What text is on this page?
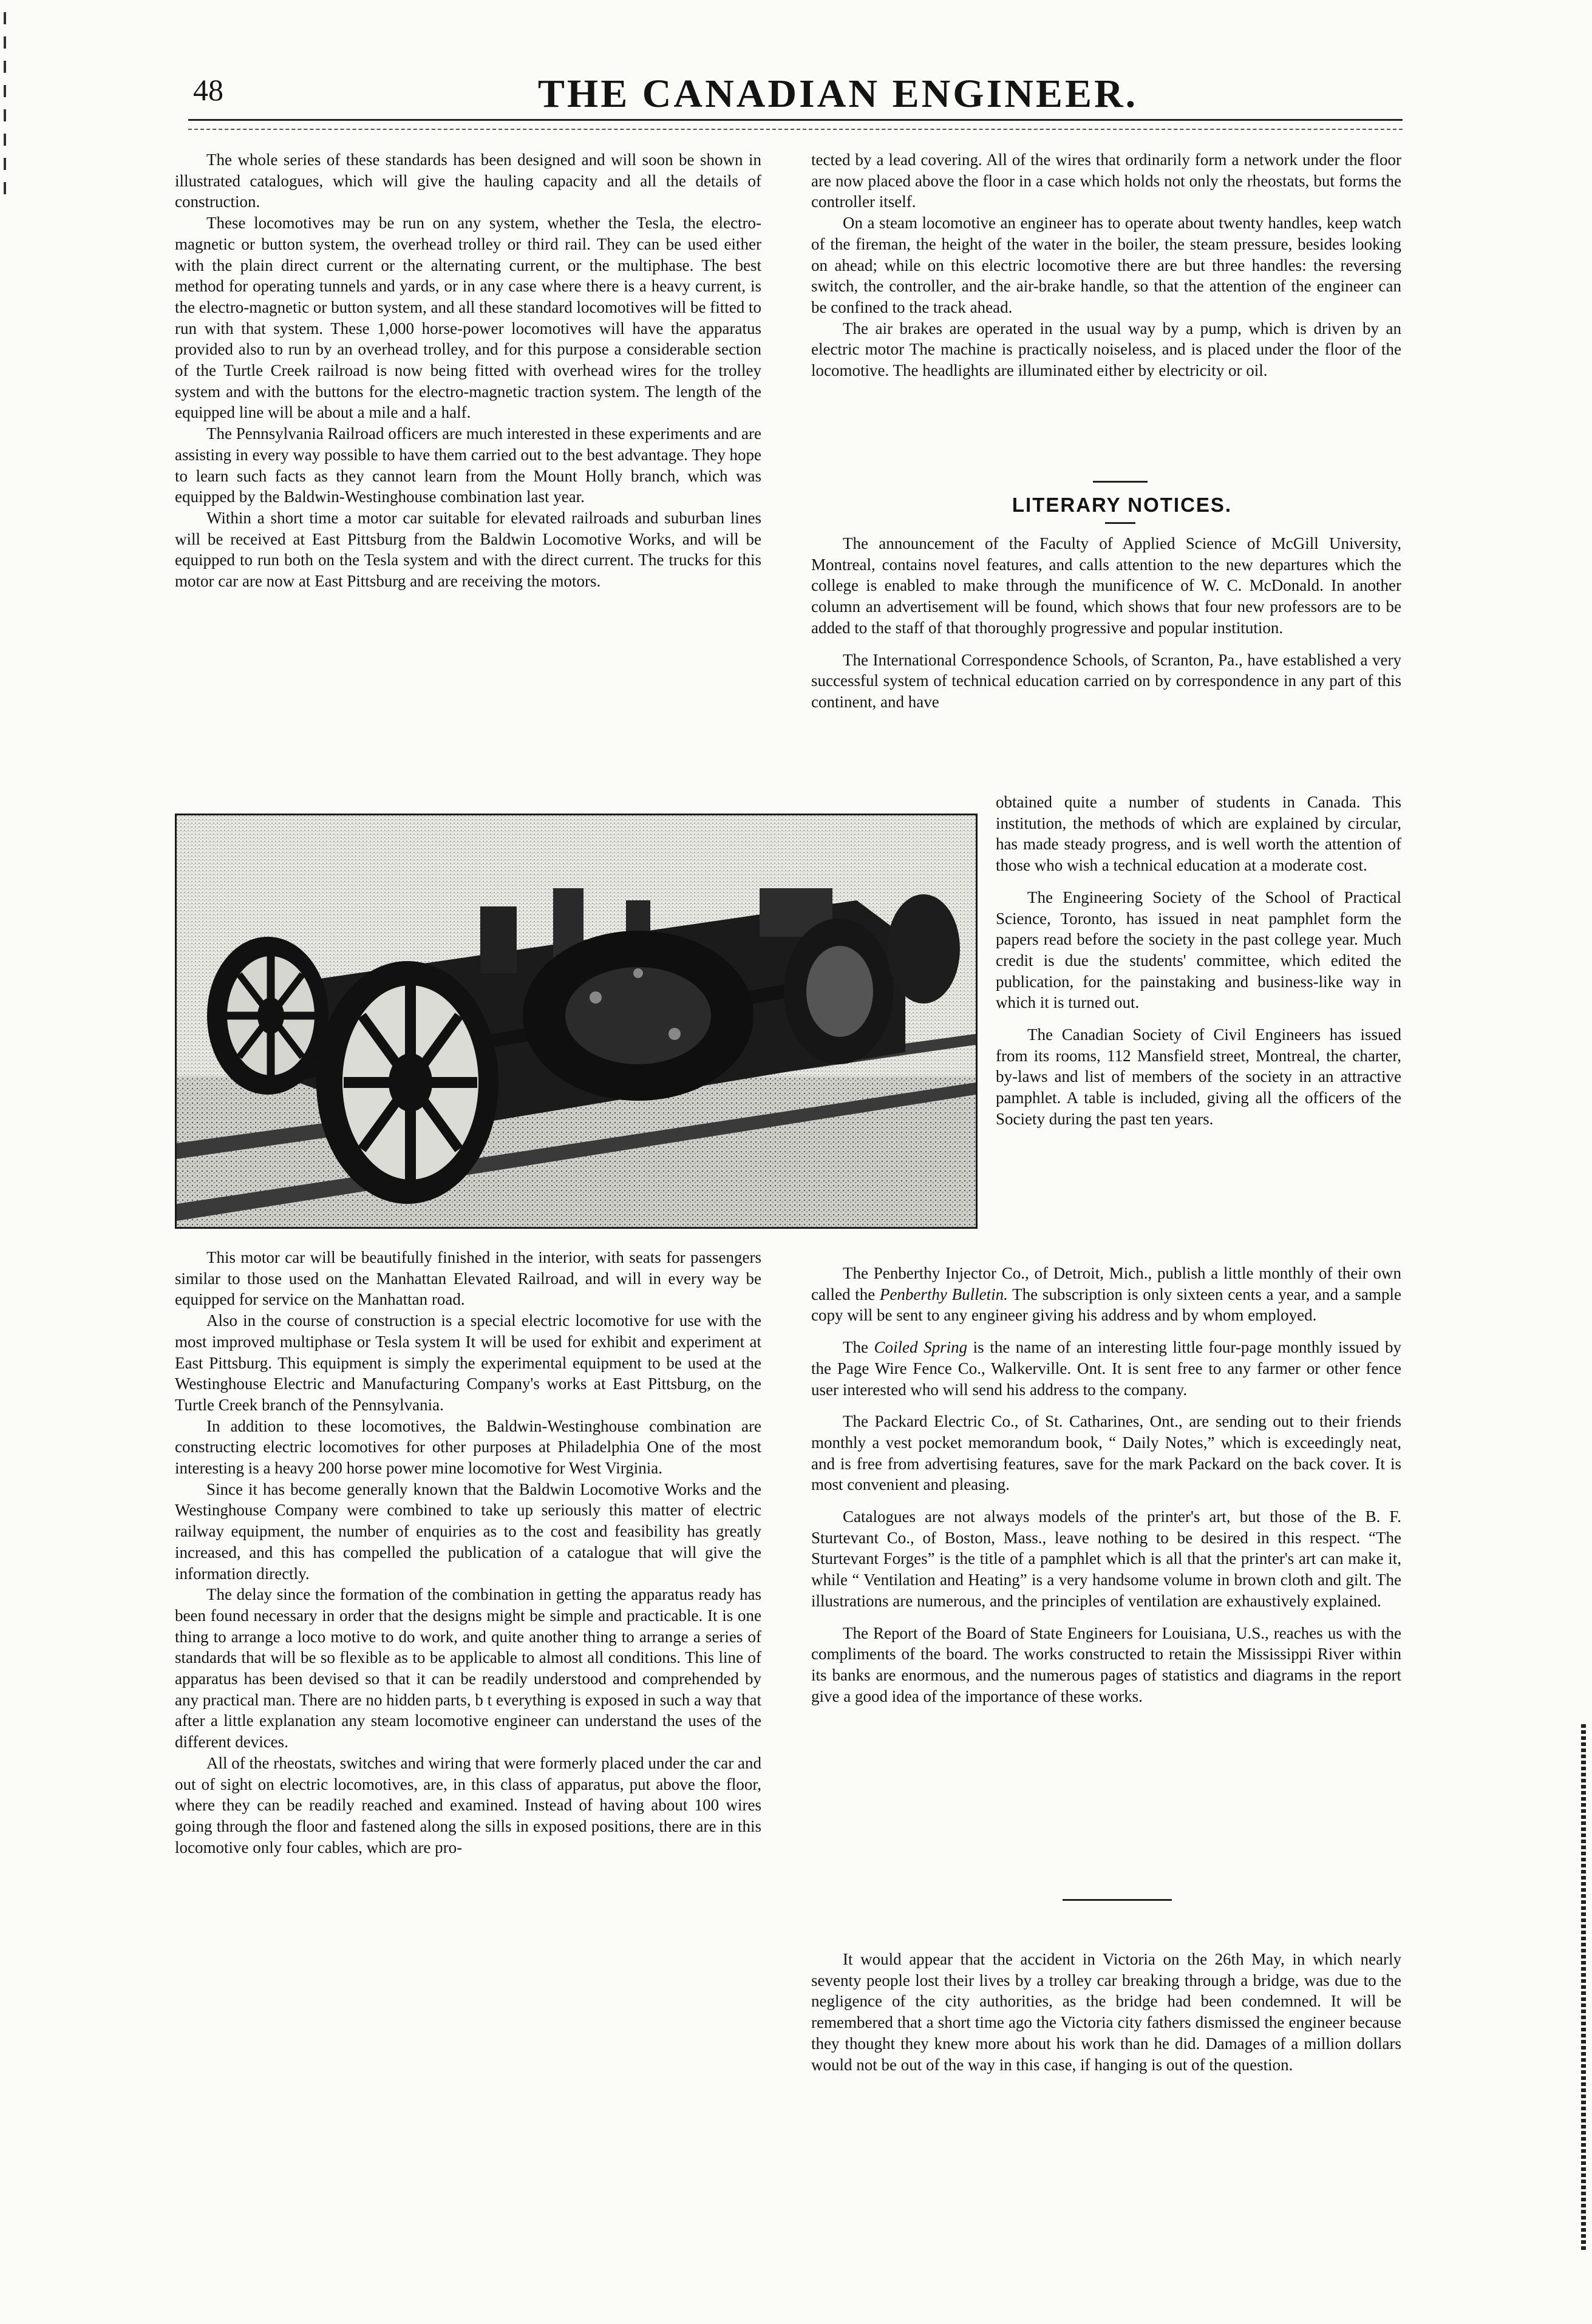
48	THE CANADIAN ENGINEER.

The whole series of these standards has been designed and will soon be shown in illustrated catalogues, which will give the hauling capacity and all the details of construction.

These locomotives may be run on any system, whether the Tesla, the electro-magnetic or button system, the overhead trolley or third rail. They can be used either with the plain direct current or the alternating current, or the multiphase. The best method for operating tunnels and yards, or in any case where there is a heavy current, is the electro-magnetic or button system, and all these standard locomotives will be fitted to run with that system. These 1,000 horse-power locomotives will have the apparatus provided also to run by an overhead trolley, and for this purpose a considerable section of the Turtle Creek railroad is now being fitted with overhead wires for the trolley system and with the buttons for the electro-magnetic traction system. The length of the equipped line will be about a mile and a half.

The Pennsylvania Railroad officers are much interested in these experiments and are assisting in every way possible to have them carried out to the best advantage. They hope to learn such facts as they cannot learn from the Mount Holly branch, which was equipped by the Baldwin-Westinghouse combination last year.

Within a short time a motor car suitable for elevated railroads and suburban lines will be received at East Pittsburg from the Baldwin Locomotive Works, and will be equipped to run both on the Tesla system and with the direct current. The trucks for this motor car are now at East Pittsburg and are receiving the motors.

This motor car will be beautifully finished in the interior, with seats for passengers similar to those used on the Manhattan Elevated Railroad, and will in every way be equipped for service on the Manhattan road.

Also in the course of construction is a special electric locomotive for use with the most improved multiphase or Tesla system It will be used for exhibit and experiment at East Pittsburg. This equipment is simply the experimental equipment to be used at the Westinghouse Electric and Manufacturing Company's works at East Pittsburg, on the Turtle Creek branch of the Pennsylvania.

In addition to these locomotives, the Baldwin-Westinghouse combination are constructing electric locomotives for other purposes at Philadelphia One of the most interesting is a heavy 200 horse power mine locomotive for West Virginia.

Since it has become generally known that the Baldwin Locomotive Works and the Westinghouse Company were combined to take up seriously this matter of electric railway equipment, the number of enquiries as to the cost and feasibility has greatly increased, and this has compelled the publication of a catalogue that will give the information directly.

The delay since the formation of the combination in getting the apparatus ready has been found necessary in order that the designs might be simple and practicable. It is one thing to arrange a loco motive to do work, and quite another thing to arrange a series of standards that will be so flexible as to be applicable to almost all conditions. This line of apparatus has been devised so that it can be readily understood and comprehended by any practical man. There are no hidden parts, b t everything is exposed in such a way that after a little explanation any steam locomotive engineer can understand the uses of the different devices.

All of the rheostats, switches and wiring that were formerly placed under the car and out of sight on electric locomotives, are, in this class of apparatus, put above the floor, where they can be readily reached and examined. Instead of having about 100 wires going through the floor and fastened along the sills in exposed positions, there are in this locomotive only four cables, which are pro-

tected by a lead covering. All of the wires that ordinarily form a network under the floor are now placed above the floor in a case which holds not only the rheostats, but forms the controller itself.

On a steam locomotive an engineer has to operate about twenty handles, keep watch of the fireman, the height of the water in the boiler, the steam pressure, besides looking on ahead; while on this electric locomotive there are but three handles: the reversing switch, the controller, and the air-brake handle, so that the attention of the engineer can be confined to the track ahead.

The air brakes are operated in the usual way by a pump, which is driven by an electric motor The machine is practically noiseless, and is placed under the floor of the locomotive. The headlights are illuminated either by electricity or oil.

LITERARY NOTICES.

The announcement of the Faculty of Applied Science of McGill University, Montreal, contains novel features, and calls attention to the new departures which the college is enabled to make through the munificence of W. C. McDonald. In another column an advertisement will be found, which shows that four new professors are to be added to the staff of that thoroughly progressive and popular institution.

The International Correspondence Schools, of Scranton, Pa., have established a very successful system of technical education carried on by correspondence in any part of this continent, and have

obtained quite a number of students in Canada. This institution, the methods of which are explained by circular, has made steady progress, and is well worth the attention of those who wish a technical education at a moderate cost.

The Engineering Society of the School of Practical Science, Toronto, has issued in neat pamphlet form the papers read before the society in the past college year. Much credit is due the students' committee, which edited the publication, for the painstaking and business-like way in which it is turned out.

The Canadian Society of Civil Engineers has issued from its rooms, 112 Mansfield street, Montreal, the charter, by-laws and list of members of the society in an attractive pamphlet. A table is included, giving all the officers of the Society during the past ten years.

The Penberthy Injector Co., of Detroit, Mich., publish a little monthly of their own called the Penberthy Bulletin. The subscription is only sixteen cents a year, and a sample copy will be sent to any engineer giving his address and by whom employed.

The Coiled Spring is the name of an interesting little four-page monthly issued by the Page Wire Fence Co., Walkerville. Ont. It is sent free to any farmer or other fence user interested who will send his address to the company.

The Packard Electric Co., of St. Catharines, Ont., are sending out to their friends monthly a vest pocket memorandum book, “ Daily Notes,” which is exceedingly neat, and is free from advertising features, save for the mark Packard on the back cover. It is most convenient and pleasing.

Catalogues are not always models of the printer's art, but those of the B. F. Sturtevant Co., of Boston, Mass., leave nothing to be desired in this respect. “The Sturtevant Forges” is the title of a pamphlet which is all that the printer's art can make it, while “ Ventilation and Heating” is a very handsome volume in brown cloth and gilt. The illustrations are numerous, and the principles of ventilation are exhaustively explained.

The Report of the Board of State Engineers for Louisiana, U.S., reaches us with the compliments of the board. The works constructed to retain the Mississippi River within its banks are enormous, and the numerous pages of statistics and diagrams in the report give a good idea of the importance of these works.

It would appear that the accident in Victoria on the 26th May, in which nearly seventy people lost their lives by a trolley car breaking through a bridge, was due to the negligence of the city authorities, as the bridge had been condemned. It will be remembered that a short time ago the Victoria city fathers dismissed the engineer because they thought they knew more about his work than he did. Damages of a million dollars would not be out of the way in this case, if hanging is out of the question.
